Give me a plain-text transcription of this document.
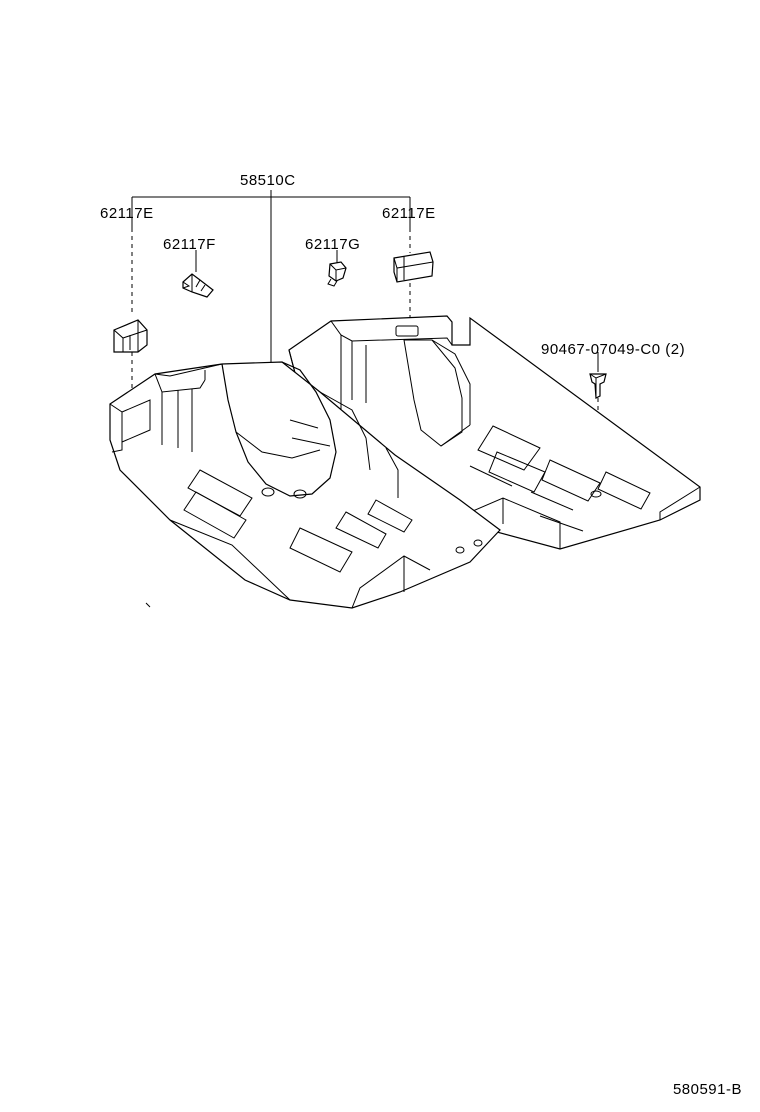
62117E
62117F
58510C
62117G
62117E
90467-07049-C0 (2)
580591-B
